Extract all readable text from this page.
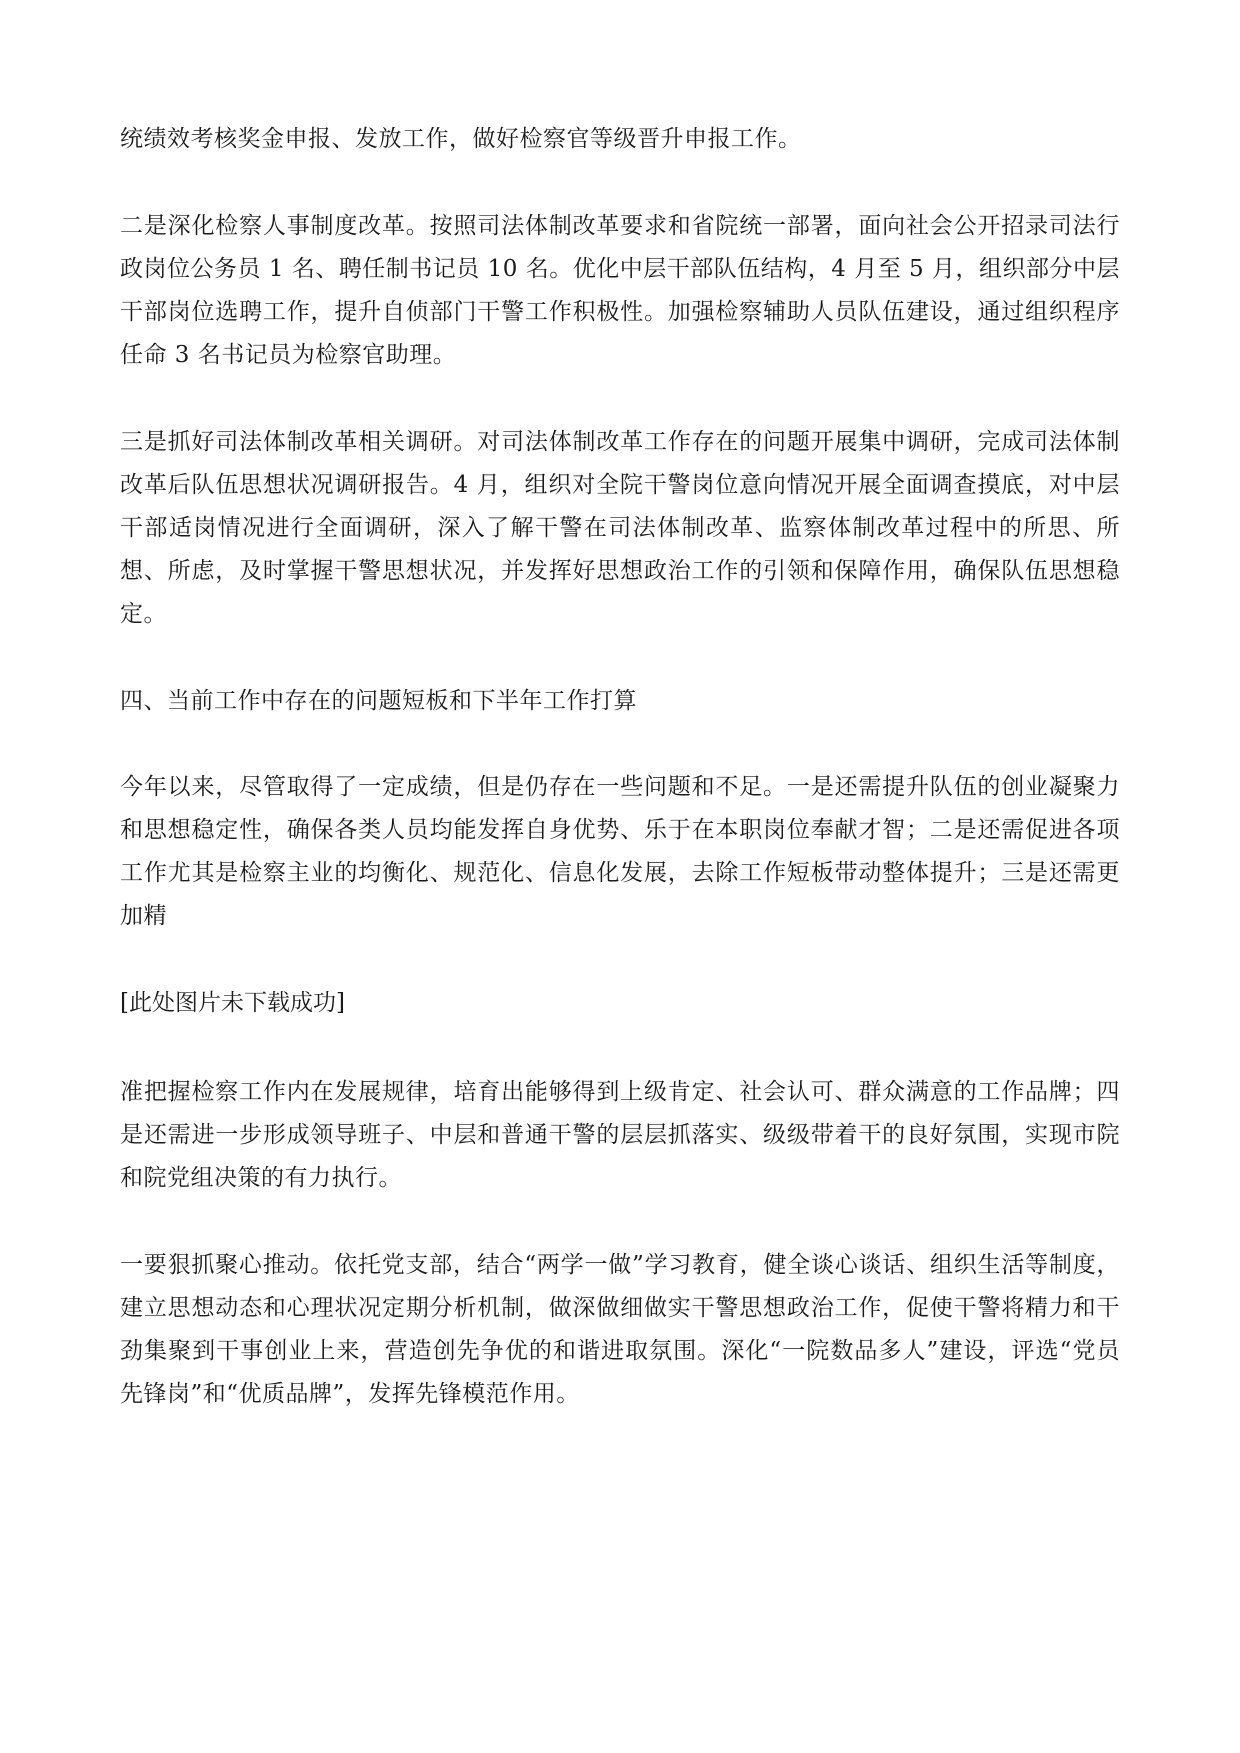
统绩效考核奖金申报、发放工作，做好检察官等级晋升申报工作。

二是深化检察人事制度改革。按照司法体制改革要求和省院统一部署，面向社会公开招录司法行政岗位公务员 1 名、聘任制书记员 10 名。优化中层干部队伍结构，4 月至 5 月，组织部分中层干部岗位选聘工作，提升自侦部门干警工作积极性。加强检察辅助人员队伍建设，通过组织程序任命 3 名书记员为检察官助理。

三是抓好司法体制改革相关调研。对司法体制改革工作存在的问题开展集中调研，完成司法体制改革后队伍思想状况调研报告。4 月，组织对全院干警岗位意向情况开展全面调查摸底，对中层干部适岗情况进行全面调研，深入了解干警在司法体制改革、监察体制改革过程中的所思、所想、所虑，及时掌握干警思想状况，并发挥好思想政治工作的引领和保障作用，确保队伍思想稳定。

四、当前工作中存在的问题短板和下半年工作打算

今年以来，尽管取得了一定成绩，但是仍存在一些问题和不足。一是还需提升队伍的创业凝聚力和思想稳定性，确保各类人员均能发挥自身优势、乐于在本职岗位奉献才智；二是还需促进各项工作尤其是检察主业的均衡化、规范化、信息化发展，去除工作短板带动整体提升；三是还需更加精

[此处图片未下载成功]

准把握检察工作内在发展规律，培育出能够得到上级肯定、社会认可、群众满意的工作品牌；四是还需进一步形成领导班子、中层和普通干警的层层抓落实、级级带着干的良好氛围，实现市院和院党组决策的有力执行。

一要狠抓聚心推动。依托党支部，结合“两学一做”学习教育，健全谈心谈话、组织生活等制度，建立思想动态和心理状况定期分析机制，做深做细做实干警思想政治工作，促使干警将精力和干劲集聚到干事创业上来，营造创先争优的和谐进取氛围。深化“一院数品多人”建设，评选“党员先锋岗”和“优质品牌”，发挥先锋模范作用。
